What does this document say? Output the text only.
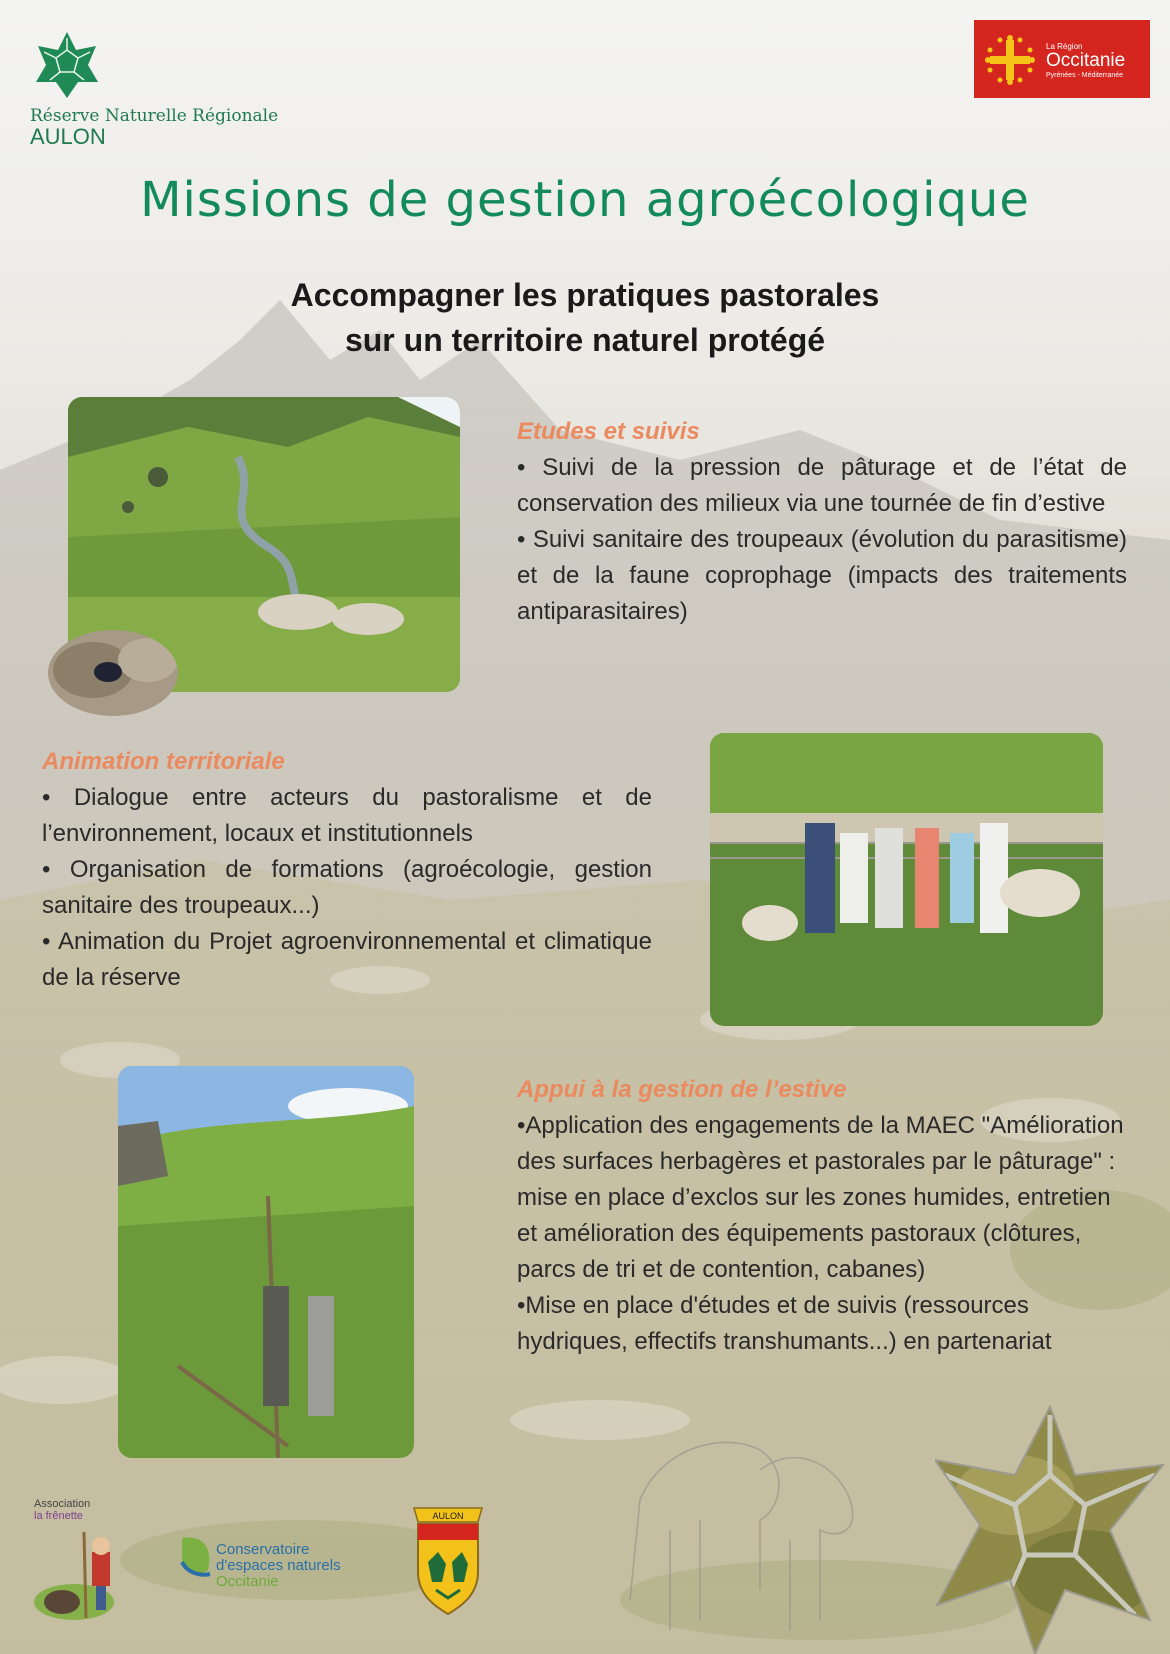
Réserve Naturelle Régionale
AULON
La Région
Occitanie
Pyrénées - Méditerranée
Missions de gestion agroécologique
Accompagner les pratiques pastorales
sur un territoire naturel protégé
Etudes et suivis

• Suivi de la pression de pâturage et de l’état de conservation des milieux via une tournée de fin d’estive

• Suivi sanitaire des troupeaux (évolution du parasitisme) et de la faune coprophage (impacts des traitements antiparasitaires)

Animation territoriale

• Dialogue entre acteurs du pastoralisme et de l’environnement, locaux et institutionnels

• Organisation de formations (agroécologie, gestion sanitaire des troupeaux...)

• Animation du Projet agroenvironnemental et climatique de la réserve

Appui à la gestion de l’estive

•Application des engagements de la MAEC "Amélioration des surfaces herbagères et pastorales par le pâturage" : mise en place d’exclos sur les zones humides, entretien et amélioration des équipements pastoraux (clôtures, parcs de tri et de contention, cabanes)

•Mise en place d'études et de suivis (ressources hydriques, effectifs transhumants...) en partenariat

Association
la frênette
Conservatoire
d'espaces naturels
Occitanie
AULON
